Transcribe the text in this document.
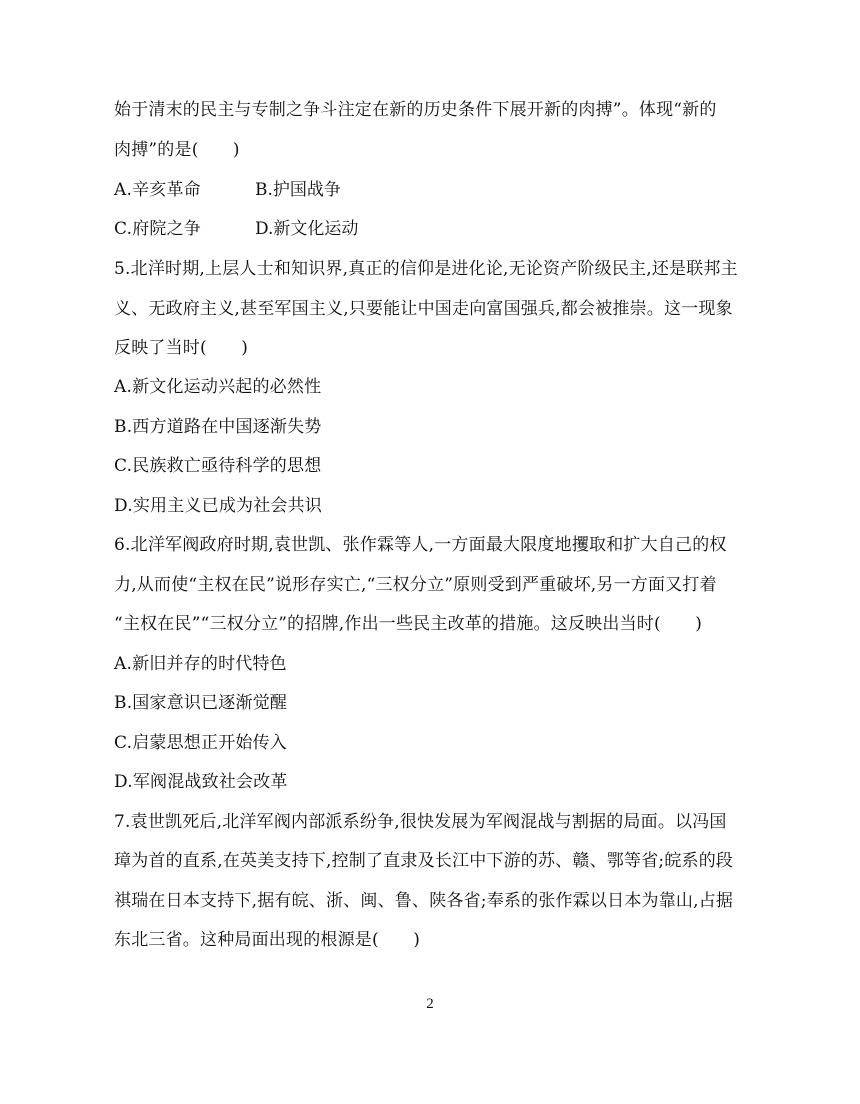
始于清末的民主与专制之争斗注定在新的历史条件下展开新的肉搏”。体现“新的
肉搏”的是(　　)
A.辛亥革命	B.护国战争
C.府院之争	D.新文化运动
5.北洋时期,上层人士和知识界,真正的信仰是进化论,无论资产阶级民主,还是联邦主
义、无政府主义,甚至军国主义,只要能让中国走向富国强兵,都会被推崇。这一现象
反映了当时(　　)
A.新文化运动兴起的必然性
B.西方道路在中国逐渐失势
C.民族救亡亟待科学的思想
D.实用主义已成为社会共识
6.北洋军阀政府时期,袁世凯、张作霖等人,一方面最大限度地攫取和扩大自己的权
力,从而使“主权在民”说形存实亡,“三权分立”原则受到严重破坏,另一方面又打着
“主权在民”“三权分立”的招牌,作出一些民主改革的措施。这反映出当时(　　)
A.新旧并存的时代特色
B.国家意识已逐渐觉醒
C.启蒙思想正开始传入
D.军阀混战致社会改革
7.袁世凯死后,北洋军阀内部派系纷争,很快发展为军阀混战与割据的局面。以冯国
璋为首的直系,在英美支持下,控制了直隶及长江中下游的苏、赣、鄂等省;皖系的段
祺瑞在日本支持下,据有皖、浙、闽、鲁、陕各省;奉系的张作霖以日本为靠山,占据
东北三省。这种局面出现的根源是(　　)
2
